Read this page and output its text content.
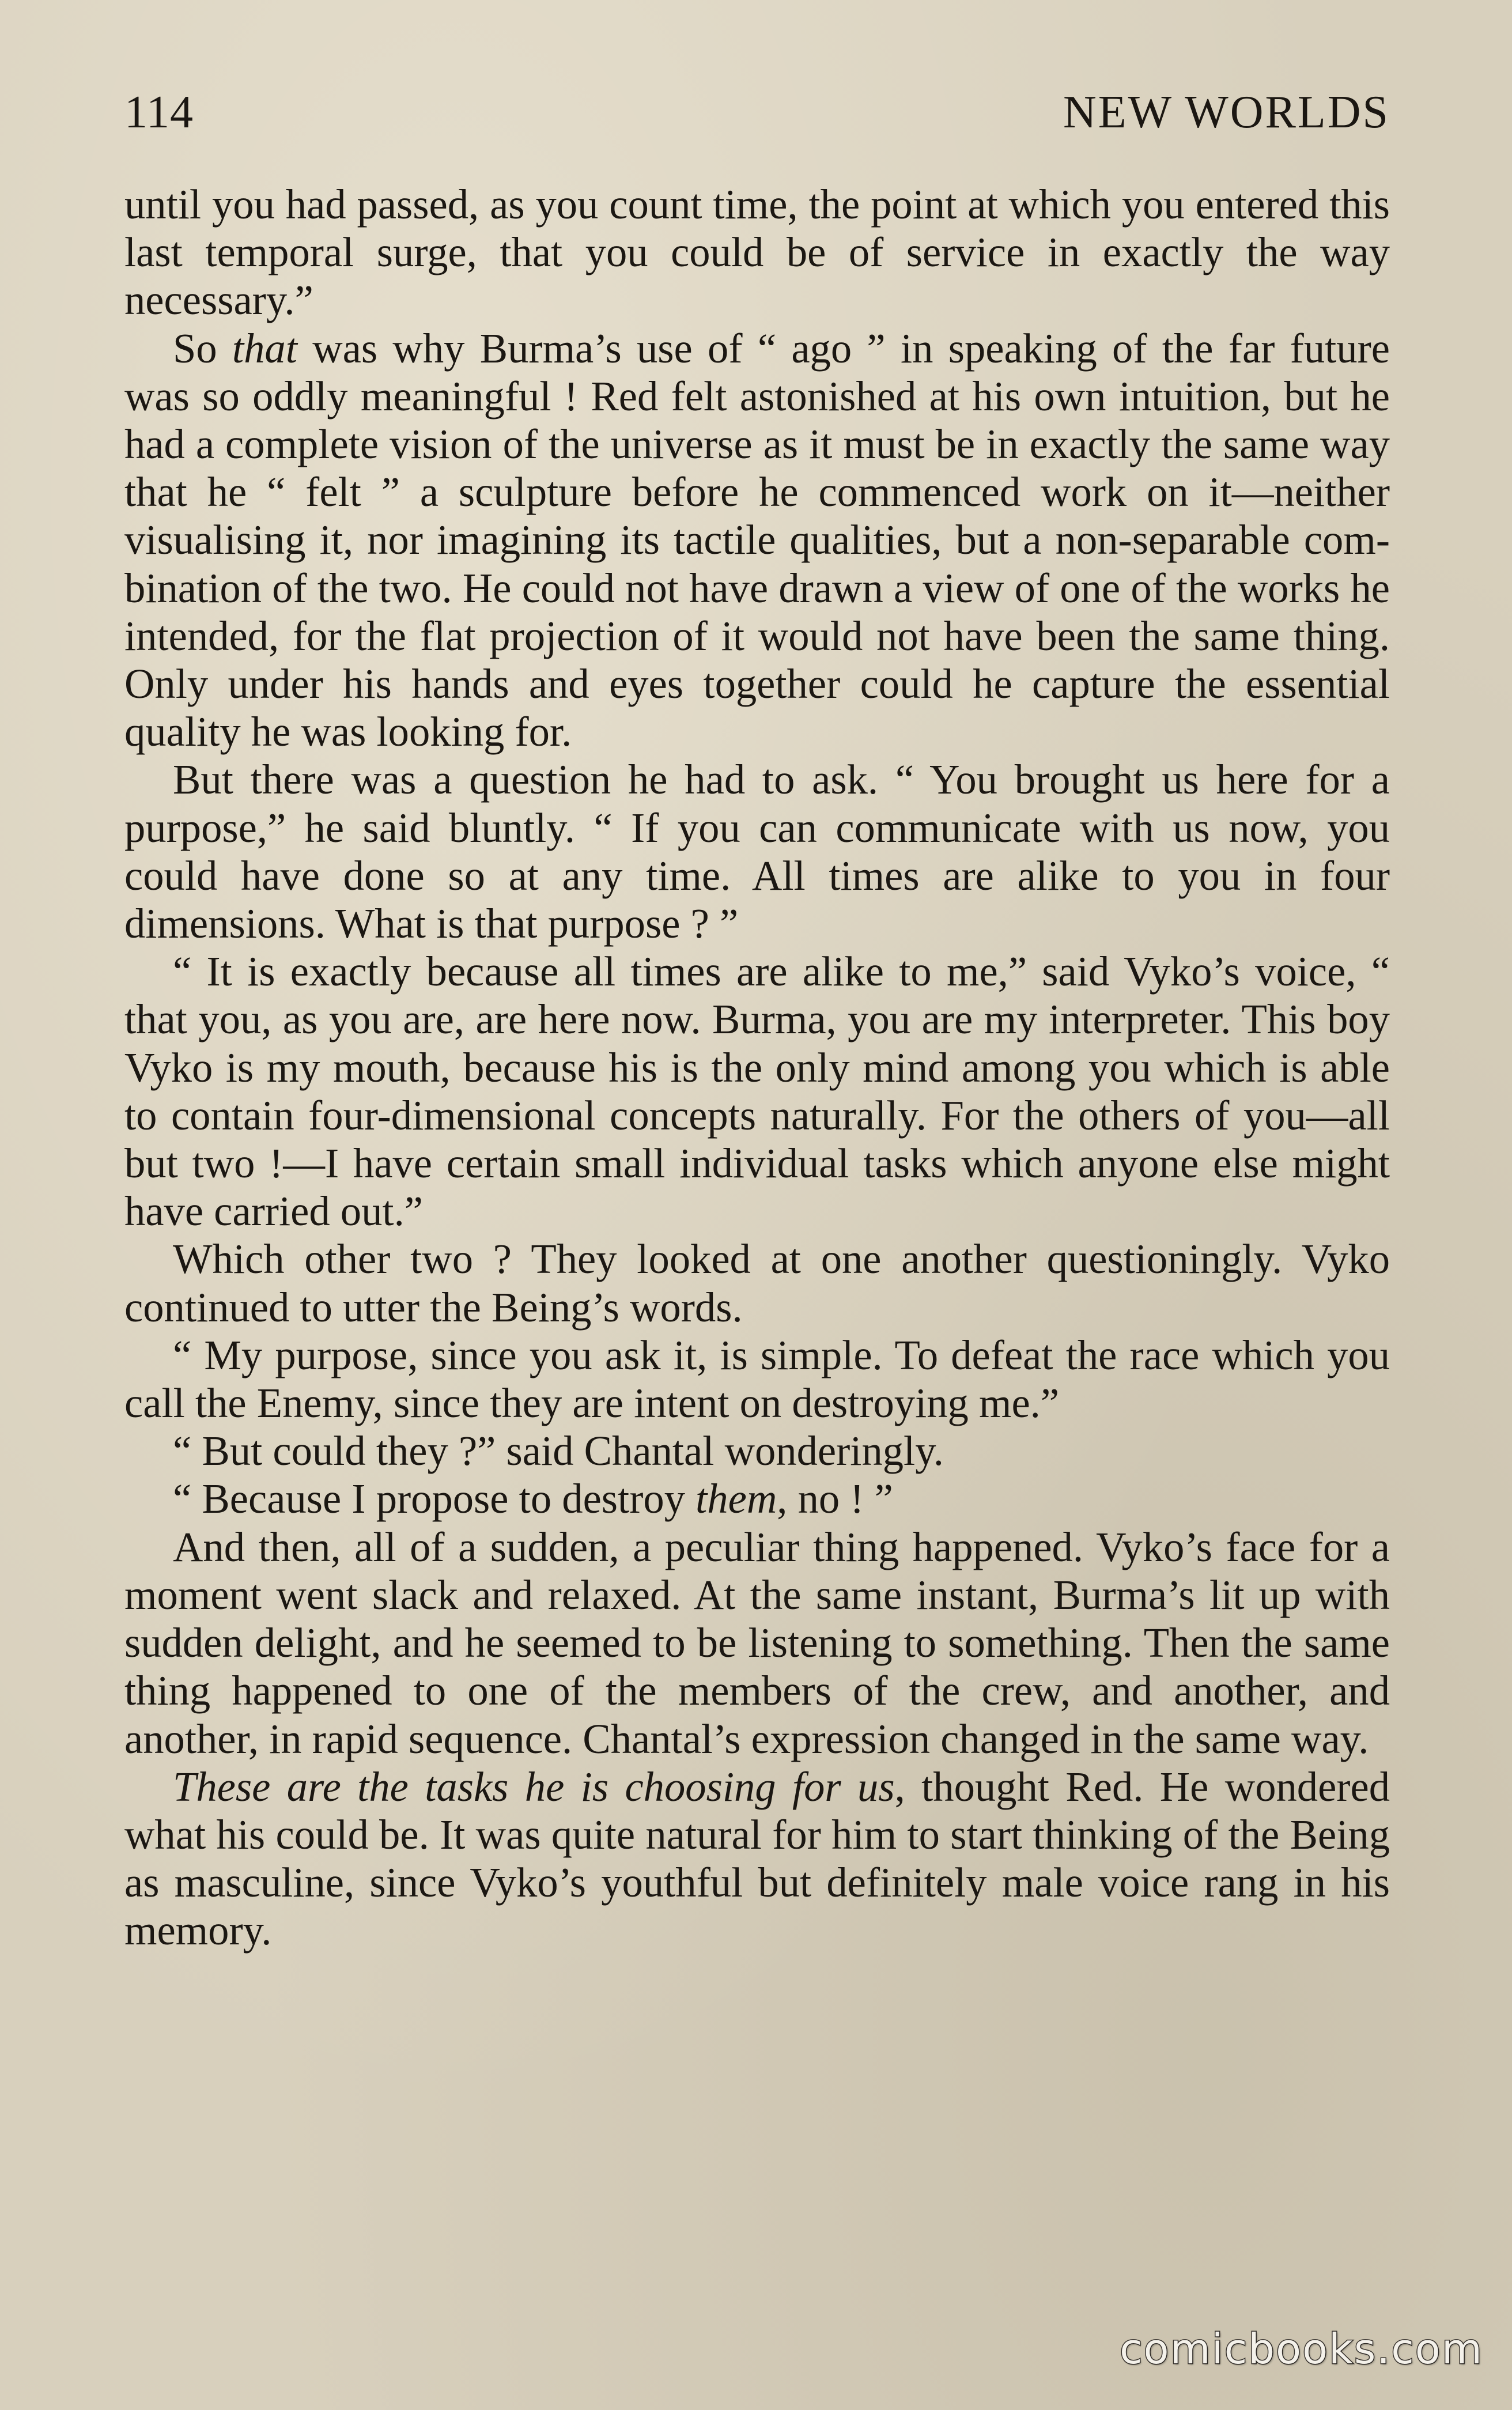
114	NEW WORLDS

until you had passed, as you count time, the point at which you entered this last temporal surge, that you could be of service in exactly the way necessary.”

So that was why Burma’s use of “ ago ” in speaking of the far future was so oddly meaningful ! Red felt astonished at his own intuition, but he had a complete vision of the universe as it must be in exactly the same way that he “ felt ” a sculpture before he commenced work on it—neither visualising it, nor imagining its tactile qualities, but a non-separable combination of the two. He could not have drawn a view of one of the works he intended, for the flat projection of it would not have been the same thing. Only under his hands and eyes together could he capture the essential quality he was looking for.

But there was a question he had to ask. “ You brought us here for a purpose,” he said bluntly. “ If you can communicate with us now, you could have done so at any time. All times are alike to you in four dimensions. What is that purpose ? ”

“ It is exactly because all times are alike to me,” said Vyko’s voice, “ that you, as you are, are here now. Burma, you are my interpreter. This boy Vyko is my mouth, because his is the only mind among you which is able to contain four-dimensional concepts naturally. For the others of you—all but two !—I have certain small individual tasks which anyone else might have carried out.”

Which other two ? They looked at one another questioningly. Vyko continued to utter the Being’s words.

“ My purpose, since you ask it, is simple. To defeat the race which you call the Enemy, since they are intent on destroying me.”

“ But could they ?” said Chantal wonderingly.

“ Because I propose to destroy them, no ! ”

And then, all of a sudden, a peculiar thing happened. Vyko’s face for a moment went slack and relaxed. At the same instant, Burma’s lit up with sudden delight, and he seemed to be listening to something. Then the same thing happened to one of the members of the crew, and another, and another, in rapid sequence. Chantal’s expression changed in the same way.

These are the tasks he is choosing for us, thought Red. He wondered what his could be. It was quite natural for him to start thinking of the Being as masculine, since Vyko’s youthful but definitely male voice rang in his memory.

comicbooks.com
